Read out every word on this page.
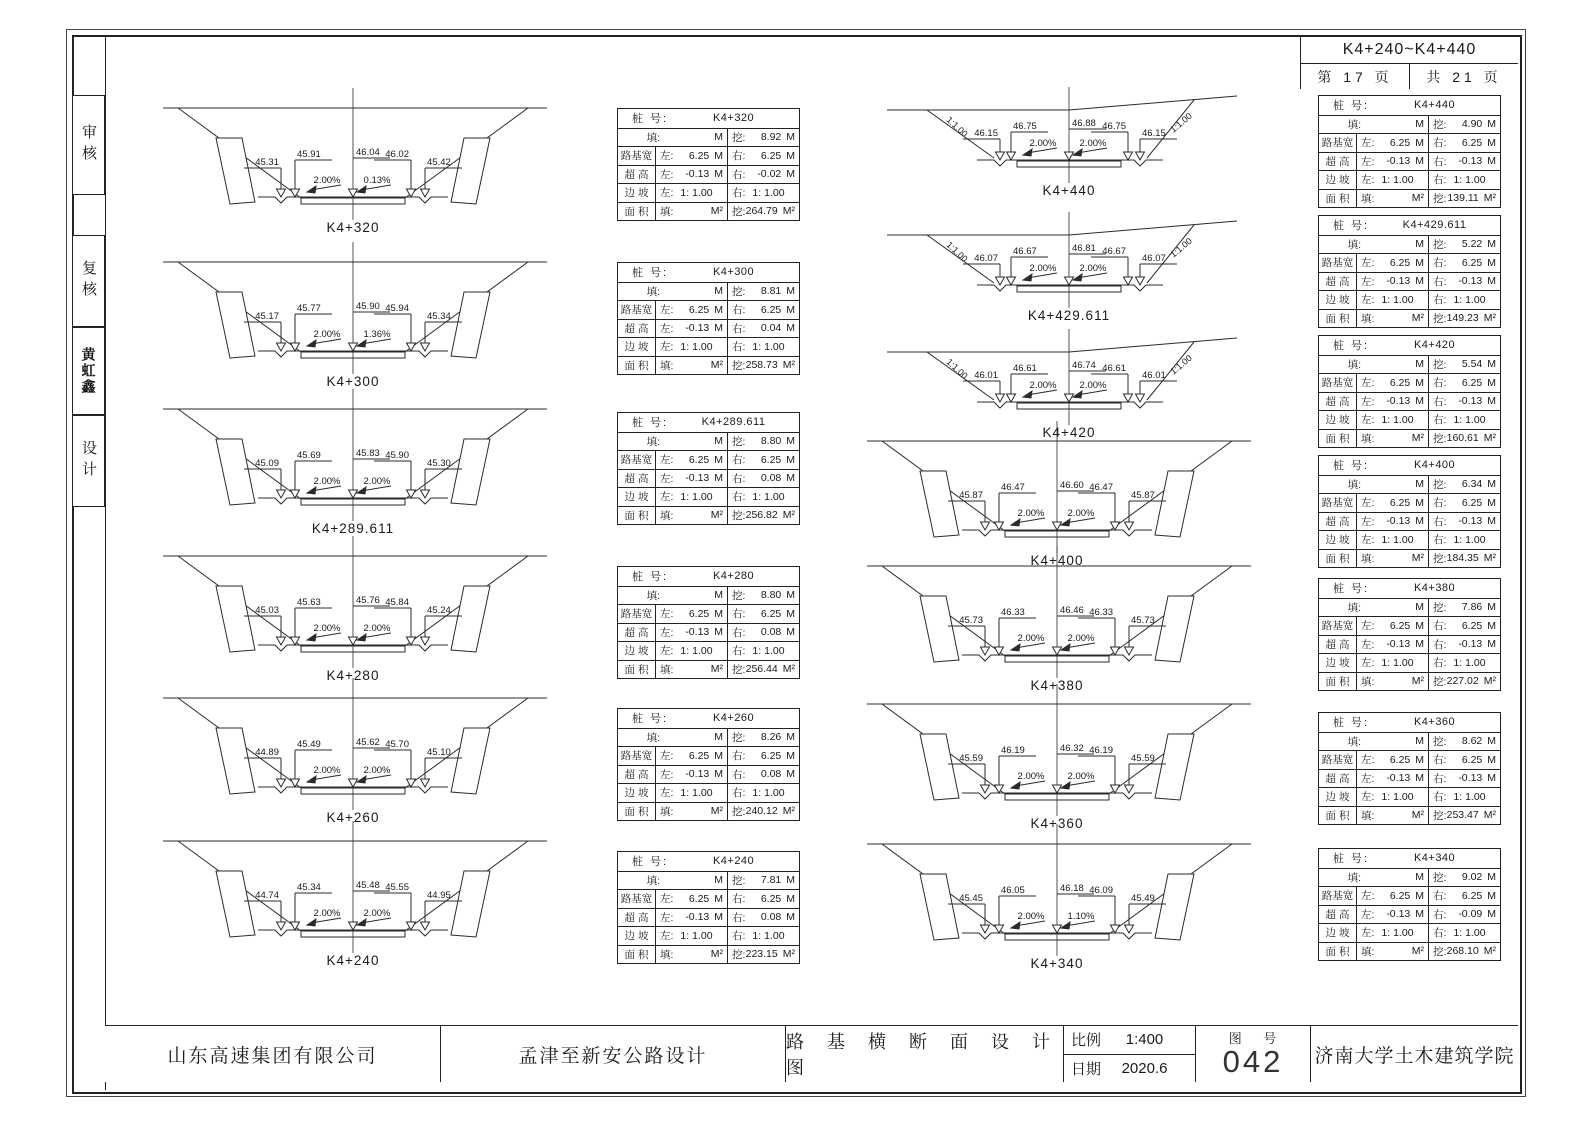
审核
复核
黄虹鑫
设计
K4+240~K4+440
第 17 页	共 21 页
45.31
45.91	46.04 46.02
45.42
2.00% 0.13%
K4+320
45.17
45.77	45.90 45.94
45.34
2.00% 1.36%
K4+300
45.09
45.69	45.83 45.90
45.30
2.00% 2.00%
K4+289.611
45.03
45.63	45.76 45.84
45.24
2.00% 2.00%
K4+280
44.89
45.49	45.62 45.70
45.10
2.00% 2.00%
K4+260
44.74
45.34	45.48 45.55
44.95
2.00% 2.00%
K4+240
1:1.00	1:1.00
46.15
46.75	46.88 46.75
46.15
2.00% 2.00%
K4+440
1:1.00	1:1.00
46.07
46.67	46.81 46.67
46.07
2.00% 2.00%
K4+429.611
1:1.00	1:1.00
46.01
46.61	46.74 46.61
46.01
2.00% 2.00%
K4+420
45.87
46.47	46.60 46.47
45.87
2.00% 2.00%
K4+400
45.73
46.33	46.46 46.33
45.73
2.00% 2.00%
K4+380
45.59
46.19	46.32 46.19
45.59
2.00% 2.00%
K4+360
45.45
46.05	46.18 46.09
45.49
2.00% 1.10%
K4+340
桩 号:	K4+320
填:	M 挖: 8.92 M
路基宽 左: 6.25 M 右: 6.25 M
超 高	左: -0.13 M 右: -0.02 M
边 坡	左: 1: 1.00 右: 1: 1.00
面 积	填:	M² 挖: 264.79 M²
桩 号:	K4+300
填:	M 挖: 8.81 M
路基宽 左: 6.25 M 右: 6.25 M
超 高	左: -0.13 M 右: 0.04 M
边 坡	左: 1: 1.00 右: 1: 1.00
面 积	填:	M² 挖: 258.73 M²
桩 号:	K4+289.611
填:	M 挖: 8.80 M
路基宽 左: 6.25 M 右: 6.25 M
超 高	左: -0.13 M 右: 0.08 M
边 坡	左: 1: 1.00 右: 1: 1.00
面 积	填:	M² 挖: 256.82 M²
桩 号:	K4+280
填:	M 挖: 8.80 M
路基宽 左: 6.25 M 右: 6.25 M
超 高	左: -0.13 M 右: 0.08 M
边 坡	左: 1: 1.00 右: 1: 1.00
面 积	填:	M² 挖: 256.44 M²
桩 号:	K4+260
填:	M 挖: 8.26 M
路基宽 左: 6.25 M 右: 6.25 M
超 高	左: -0.13 M 右: 0.08 M
边 坡	左: 1: 1.00 右: 1: 1.00
面 积	填:	M² 挖: 240.12 M²
桩 号:	K4+240
填:	M 挖: 7.81 M
路基宽 左: 6.25 M 右: 6.25 M
超 高	左: -0.13 M 右: 0.08 M
边 坡	左: 1: 1.00 右: 1: 1.00
面 积	填:	M² 挖: 223.15 M²
桩 号:	K4+440
填:	M 挖: 4.90 M
路基宽 左: 6.25 M 右: 6.25 M
超 高	左: -0.13 M 右: -0.13 M
边 坡	左: 1: 1.00 右: 1: 1.00
面 积	填:	M² 挖: 139.11 M²
桩 号:	K4+429.611
填:	M 挖: 5.22 M
路基宽 左: 6.25 M 右: 6.25 M
超 高	左: -0.13 M 右: -0.13 M
边 坡	左: 1: 1.00 右: 1: 1.00
面 积	填:	M² 挖: 149.23 M²
桩 号:	K4+420
填:	M 挖: 5.54 M
路基宽 左: 6.25 M 右: 6.25 M
超 高	左: -0.13 M 右: -0.13 M
边 坡	左: 1: 1.00 右: 1: 1.00
面 积	填:	M² 挖: 160.61 M²
桩 号:	K4+400
填:	M 挖: 6.34 M
路基宽 左: 6.25 M 右: 6.25 M
超 高	左: -0.13 M 右: -0.13 M
边 坡	左: 1: 1.00 右: 1: 1.00
面 积	填:	M² 挖: 184.35 M²
桩 号:	K4+380
填:	M 挖: 7.86 M
路基宽 左: 6.25 M 右: 6.25 M
超 高	左: -0.13 M 右: -0.13 M
边 坡	左: 1: 1.00 右: 1: 1.00
面 积	填:	M² 挖: 227.02 M²
桩 号:	K4+360
填:	M 挖: 8.62 M
路基宽 左: 6.25 M 右: 6.25 M
超 高	左: -0.13 M 右: -0.13 M
边 坡	左: 1: 1.00 右: 1: 1.00
面 积	填:	M² 挖: 253.47 M²
桩 号:	K4+340
填:	M 挖: 9.02 M
路基宽 左: 6.25 M 右: 6.25 M
超 高	左: -0.13 M 右: -0.09 M
边 坡	左: 1: 1.00 右: 1: 1.00
面 积	填:	M² 挖: 268.10 M²
山东高速集团有限公司	孟津至新安公路设计
路 基 横 断 面 设 计 图
比例	1:400
日期	2020.6
图 号
042 济南大学土木建筑学院
